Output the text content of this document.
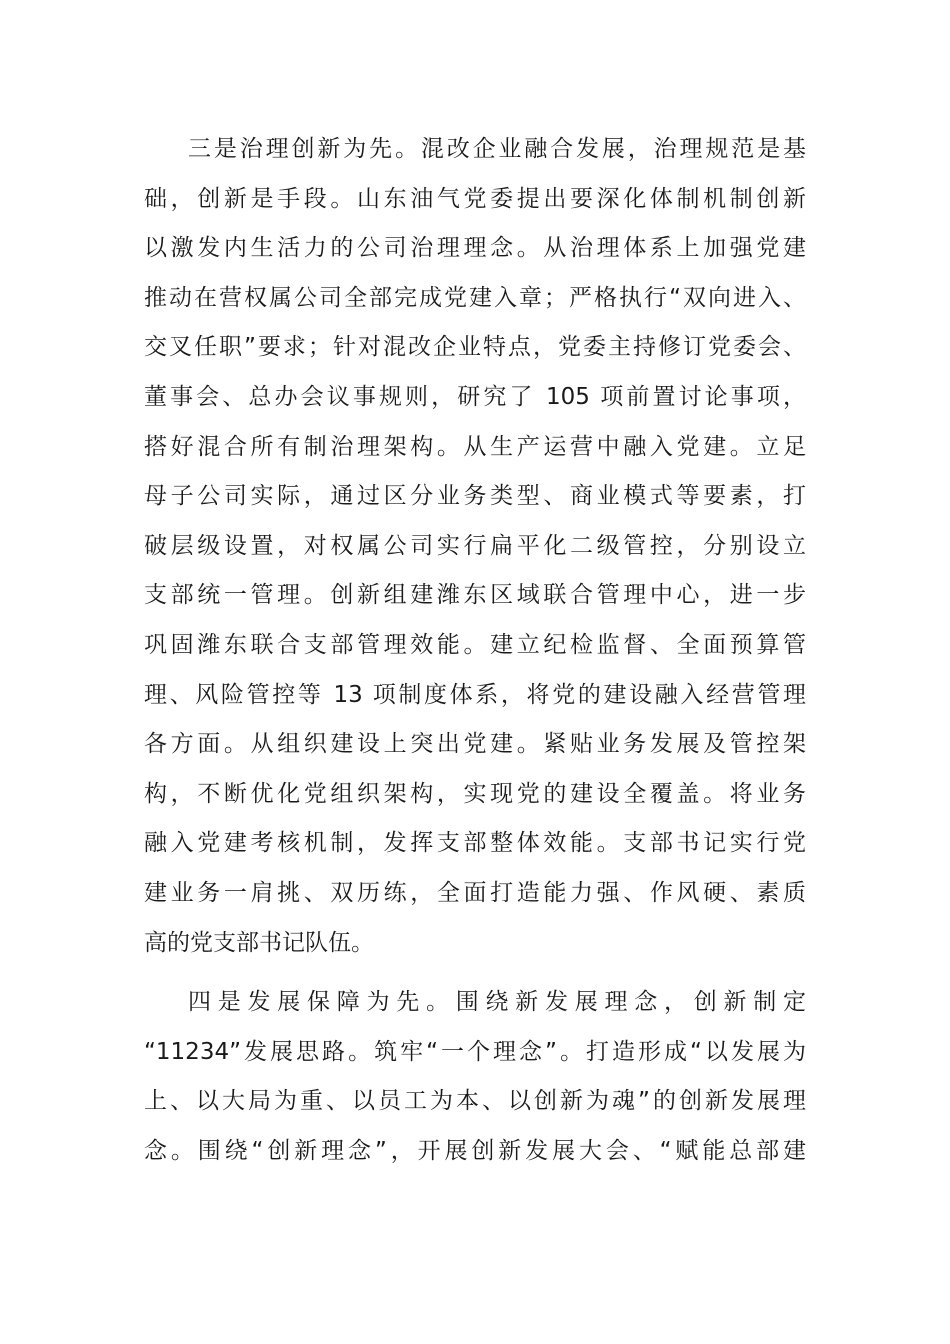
三是治理创新为先。混改企业融合发展，治理规范是基
础，创新是手段。山东油气党委提出要深化体制机制创新
以激发内生活力的公司治理理念。从治理体系上加强党建
推动在营权属公司全部完成党建入章；严格执行“双向进入、
交叉任职”要求；针对混改企业特点，党委主持修订党委会、
董事会、总办会议事规则，研究了 105 项前置讨论事项，
搭好混合所有制治理架构。从生产运营中融入党建。立足
母子公司实际，通过区分业务类型、商业模式等要素，打
破层级设置，对权属公司实行扁平化二级管控，分别设立
支部统一管理。创新组建潍东区域联合管理中心，进一步
巩固潍东联合支部管理效能。建立纪检监督、全面预算管
理、风险管控等 13 项制度体系，将党的建设融入经营管理
各方面。从组织建设上突出党建。紧贴业务发展及管控架
构，不断优化党组织架构，实现党的建设全覆盖。将业务
融入党建考核机制，发挥支部整体效能。支部书记实行党
建业务一肩挑、双历练，全面打造能力强、作风硬、素质
高的党支部书记队伍。

四是发展保障为先。围绕新发展理念，创新制定
“11234”发展思路。筑牢“一个理念”。打造形成“以发展为
上、以大局为重、以员工为本、以创新为魂”的创新发展理
念。围绕“创新理念”，开展创新发展大会、“赋能总部建
